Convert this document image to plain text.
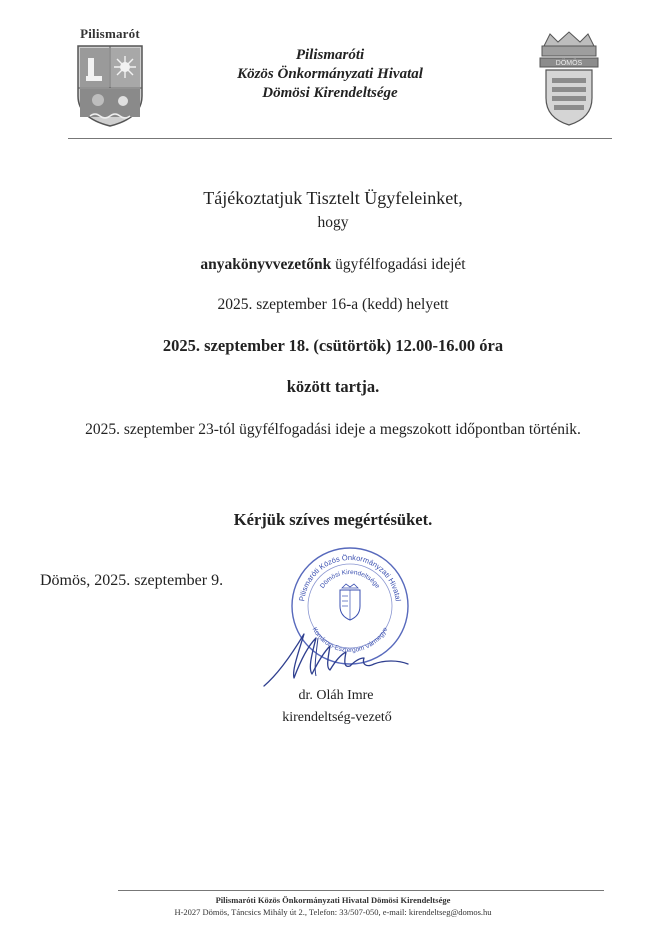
Pilismarót
Pilismaróti
Közös Önkormányzati Hivatal
Dömösi Kirendeltsége
DÖMÖS
Tájékoztatjuk Tisztelt Ügyfeleinket,
hogy
anyakönyvvezetőnk ügyfélfogadási idejét
2025. szeptember 16-a (kedd) helyett
2025. szeptember 18. (csütörtök) 12.00-16.00 óra
között tartja.
2025. szeptember 23-tól ügyfélfogadási ideje a megszokott időpontban történik.
Kérjük szíves megértésüket.
Dömös, 2025. szeptember 9.
Pilismaróti Közös Önkormányzati Hivatal
Dömösi Kirendeltsége
Komárom-Esztergom Vármegye
dr. Oláh Imre
kirendeltség-vezető
Pilismaróti Közös Önkormányzati Hivatal Dömösi Kirendeltsége
H-2027 Dömös, Táncsics Mihály út 2., Telefon: 33/507-050, e-mail: kirendeltseg@domos.hu
